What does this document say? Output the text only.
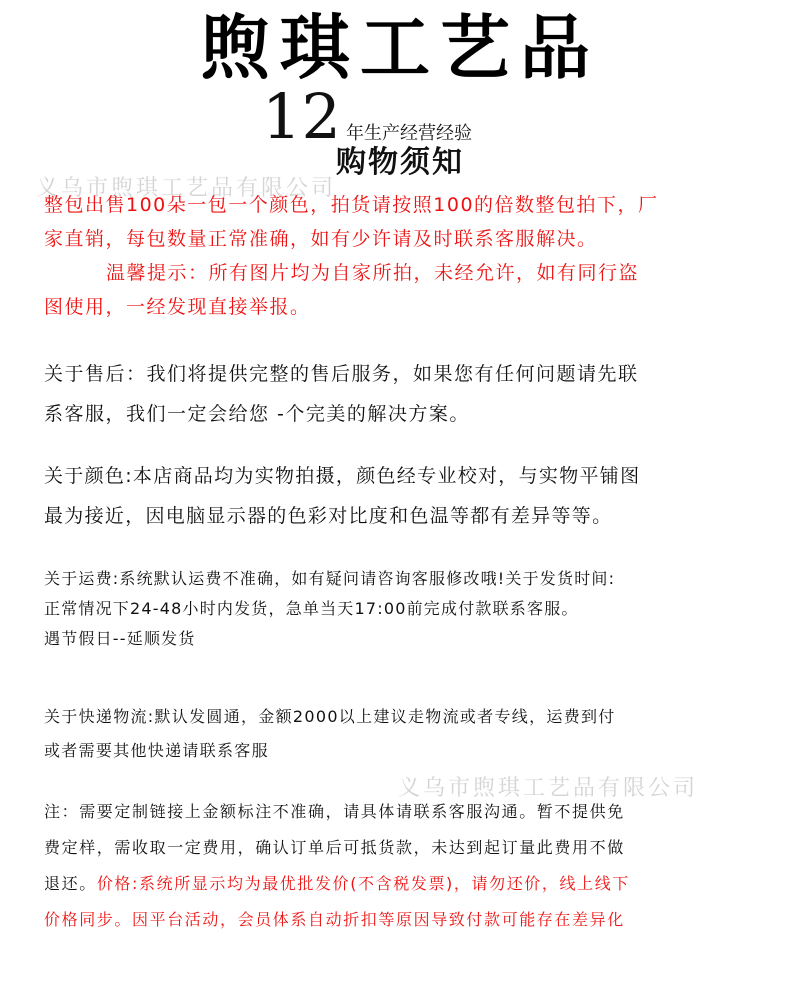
煦琪工艺品
12 年生产经营经验
购物须知
义乌市煦琪工艺品有限公司
义乌市煦琪工艺品有限公司
整包出售100朵一包一个颜色，拍货请按照100的倍数整包拍下，厂
家直销，每包数量正常准确，如有少许请及时联系客服解决。
温馨提示：所有图片均为自家所拍，未经允许，如有同行盗
图使用，一经发现直接举报。
关于售后：我们将提供完整的售后服务，如果您有任何问题请先联
系客服，我们一定会给您 -个完美的解决方案。
关于颜色:本店商品均为实物拍摄，颜色经专业校对，与实物平铺图
最为接近，因电脑显示器的色彩对比度和色温等都有差异等等。
关于运费:系统默认运费不准确，如有疑问请咨询客服修改哦!关于发货时间:
正常情况下24-48小时内发货，急单当天17:00前完成付款联系客服。
遇节假日--延顺发货
关于快递物流:默认发圆通，金额2000以上建议走物流或者专线，运费到付
或者需要其他快递请联系客服
注：需要定制链接上金额标注不准确，请具体请联系客服沟通。暂不提供免
费定样，需收取一定费用，确认订单后可抵货款，未达到起订量此费用不做
退还。价格:系统所显示均为最优批发价(不含税发票)，请勿还价，线上线下
价格同步。因平台活动，会员体系自动折扣等原因导致付款可能存在差异化
